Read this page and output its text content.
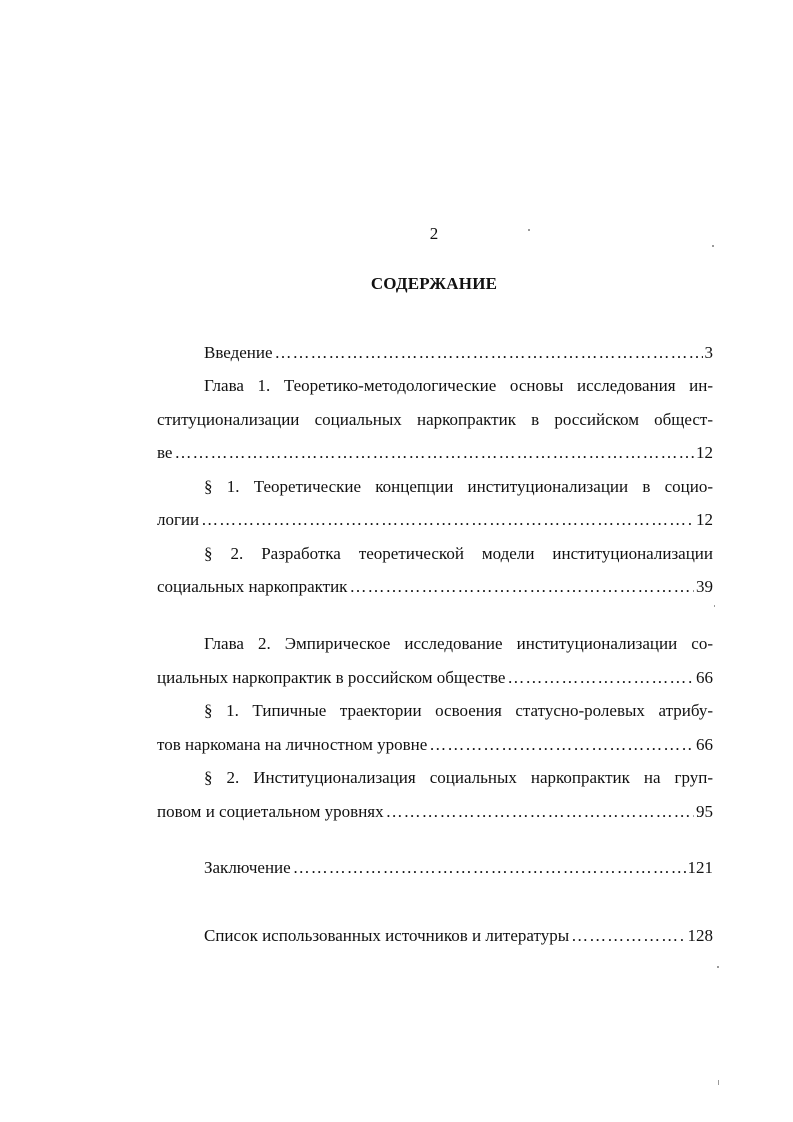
2
СОДЕРЖАНИЕ
Введение ……………………………………………………………………………………………………………………………………	3
Глава 1. Теоретико-методологические основы исследования ин-
ституционализации социальных наркопрактик в российском общест-
ве ……………………………………………………………………………………………………………………………………	12
§ 1. Теоретические концепции институционализации в социо-
логии ……………………………………………………………………………………………………………………………………	12
§ 2. Разработка теоретической модели институционализации
социальных наркопрактик ……………………………………………………………………………………………………………………………………	39
Глава 2. Эмпирическое исследование институционализации со-
циальных наркопрактик в российском обществе ……………………………………………………………………………………………………………………………………	66
§ 1. Типичные траектории освоения статусно-ролевых атрибу-
тов наркомана на личностном уровне ……………………………………………………………………………………………………………………………………	66
§ 2. Институционализация социальных наркопрактик на груп-
повом и социетальном уровнях ……………………………………………………………………………………………………………………………………	95
Заключение ……………………………………………………………………………………………………………………………………	121
Список использованных источников и литературы ……………………………………………………………………………………………………………………………………	128
